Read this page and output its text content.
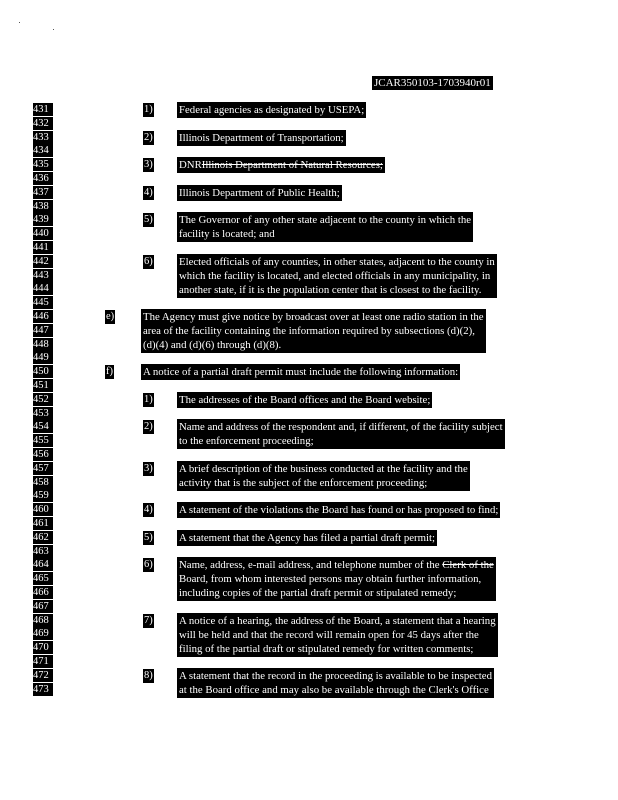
JCAR350103-1703940r01
431
432
433
434
435
436
437
438
439
440
441
442
443
444
445
446
447
448
449
450
451
452
453
454
455
456
457
458
459
460
461
462
463
464
465
466
467
468
469
470
471
472
473
1) Federal agencies as designated by USEPA;
2) Illinois Department of Transportation;
3) DNRIllinois Department of Natural Resources;
4) Illinois Department of Public Health;
5) The Governor of any other state adjacent to the county in which the
facility is located; and
6) Elected officials of any counties, in other states, adjacent to the county in
which the facility is located, and elected officials in any municipality, in
another state, if it is the population center that is closest to the facility.
e)	The Agency must give notice by broadcast over at least one radio station in the
area of the facility containing the information required by subsections (d)(2),
(d)(4) and (d)(6) through (d)(8).
f)	A notice of a partial draft permit must include the following information:
1) The addresses of the Board offices and the Board website;
2) Name and address of the respondent and, if different, of the facility subject
to the enforcement proceeding;
3) A brief description of the business conducted at the facility and the
activity that is the subject of the enforcement proceeding;
4) A statement of the violations the Board has found or has proposed to find;
5) A statement that the Agency has filed a partial draft permit;
6) Name, address, e-mail address, and telephone number of the Clerk of the
Board, from whom interested persons may obtain further information,
including copies of the partial draft permit or stipulated remedy;
7) A notice of a hearing, the address of the Board, a statement that a hearing
will be held and that the record will remain open for 45 days after the
filing of the partial draft or stipulated remedy for written comments;
8) A statement that the record in the proceeding is available to be inspected
at the Board office and may also be available through the Clerk's Office
